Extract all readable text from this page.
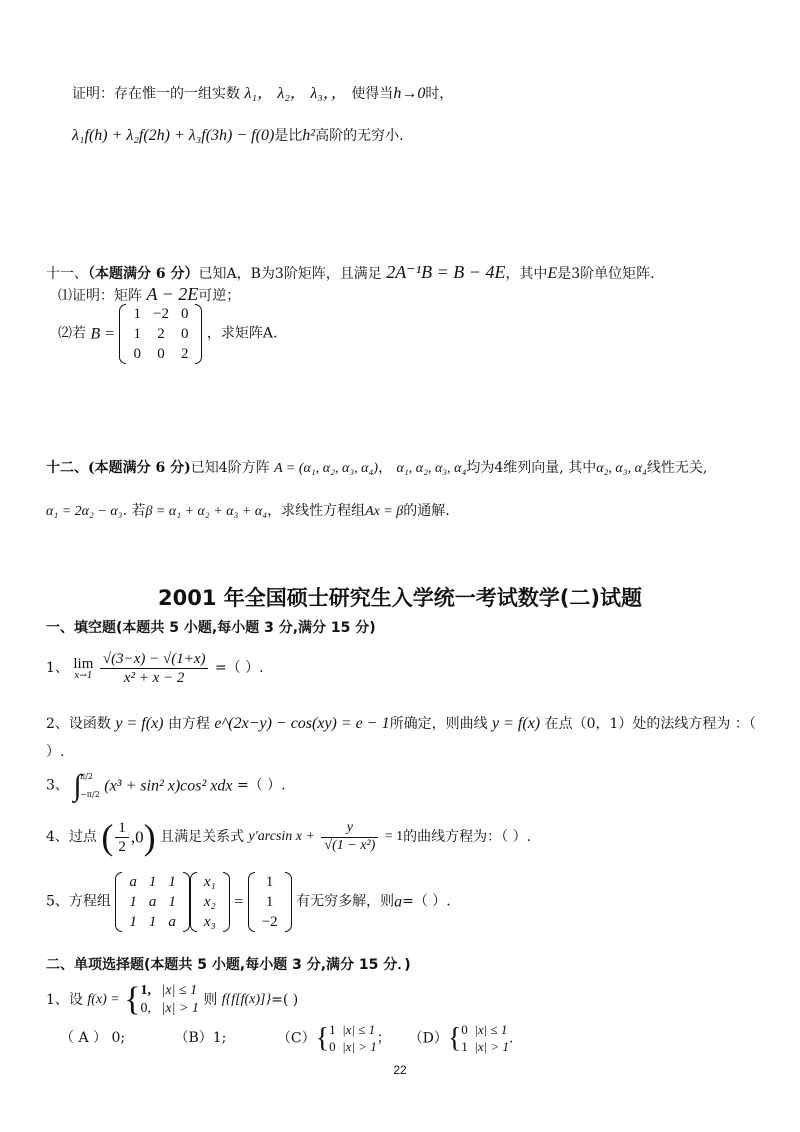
证明：存在惟一的一组实数 λ₁， λ₂， λ₃，， 使得当h→0时，
λ₁f(h) + λ₂f(2h) + λ₃f(3h) − f(0)是比h²高阶的无穷小.
十一、（本题满分 6 分）已知A，B为3阶矩阵，且满足 2A⁻¹B = B − 4E，其中E是3阶单位矩阵.
⑴证明：矩阵 A − 2E可逆；
⑵若 B =
1	−2	0
1	2	0
0	0	2
，求矩阵A.
十二、(本题满分 6 分)已知4阶方阵 A = (α₁, α₂, α₃, α₄)， α₁, α₂, α₃, α₄均为4维列向量, 其中α₂, α₃, α₄线性无关,
α₁ = 2α₂ − α₃. 若β = α₁ + α₂ + α₃ + α₄，求线性方程组Ax = β的通解.
2001 年全国硕士研究生入学统一考试数学(二)试题
一、填空题(本题共 5 小题,每小题 3 分,满分 15 分)
1、 lim
x→1
$\frac{√(3-x) - √(1+x)}{\text{x² + x − 2}}$ =（ ）.
2、设函数 y = f(x) 由方程 e^(2x−y) − cos(xy) = e − 1所确定，则曲线 y = f(x) 在点（0，1）处的法线方程为 ：（
）.
3、 ∫
π/2
−π/2
(x³ + sin² x)cos² xdx =（ ）.
4、过点 ( $\frac{1}{2} ,0$) 且满足关系式 y′arcsin $x + \frac{y}{\text{√(1 − x²)}} = 1$的曲线方程为：（ ）.
5、方程组
a	1	1
1	a	1
1	1	a
x₁
x₂
x₃
=
1
1
−2
有无穷多解，则a=（ ）.
二、单项选择题(本题共 5 小题,每小题 3 分,满分 15 分．)
1、设 f(x) = { 1, |x| ≤ 1
0, |x| > 1
则 f{f[f(x)]}=( )
（ A ） 0;	（B）1;	（C）{ 1 |x| ≤ 1
0 |x| > 1 ； （D）{ 0 |x| ≤ 1
1 |x| > 1 .
22
